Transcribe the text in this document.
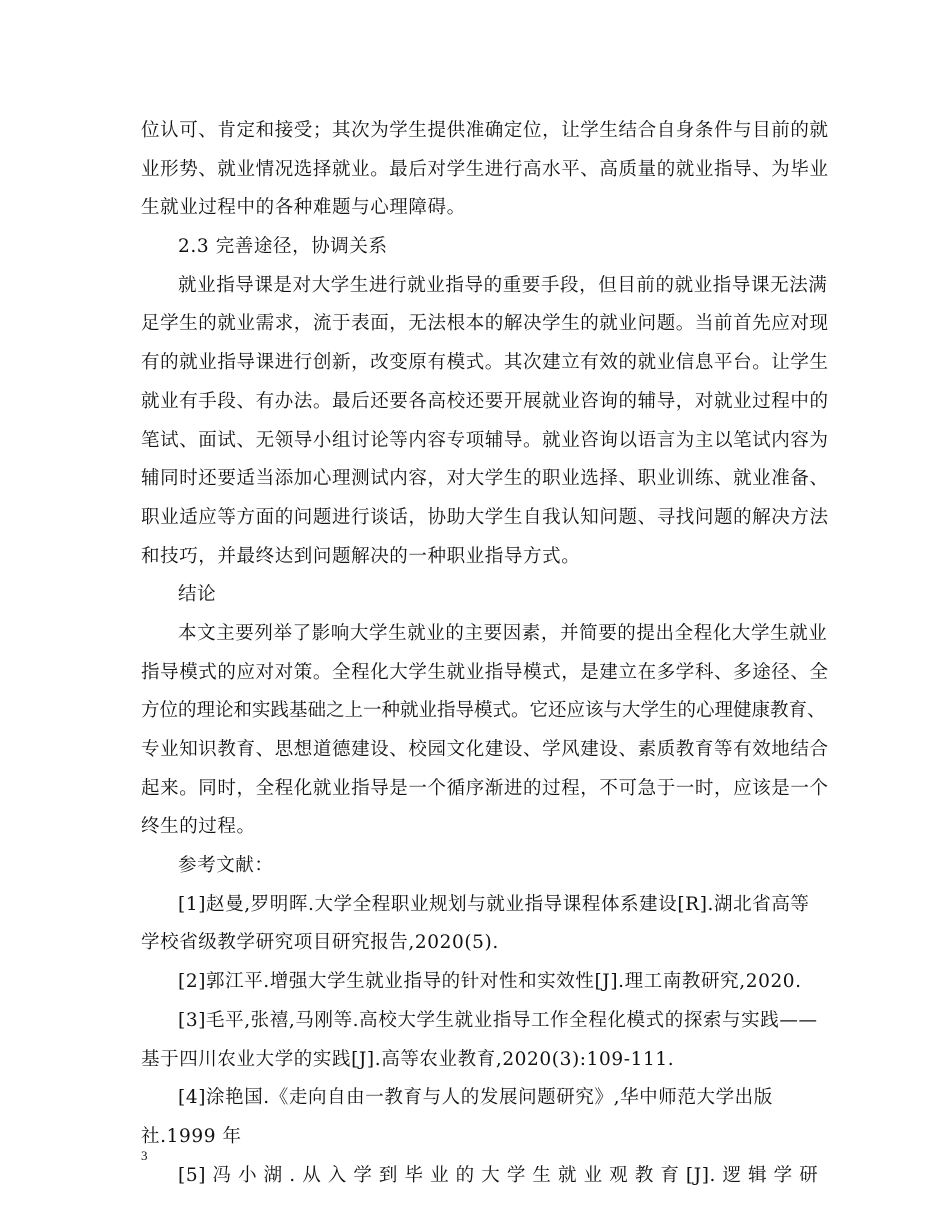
位认可、肯定和接受；其次为学生提供准确定位，让学生结合自身条件与目前的就
业形势、就业情况选择就业。最后对学生进行高水平、高质量的就业指导、为毕业
生就业过程中的各种难题与心理障碍。
2.3 完善途径，协调关系
就业指导课是对大学生进行就业指导的重要手段，但目前的就业指导课无法满
足学生的就业需求，流于表面，无法根本的解决学生的就业问题。当前首先应对现
有的就业指导课进行创新，改变原有模式。其次建立有效的就业信息平台。让学生
就业有手段、有办法。最后还要各高校还要开展就业咨询的辅导，对就业过程中的
笔试、面试、无领导小组讨论等内容专项辅导。就业咨询以语言为主以笔试内容为
辅同时还要适当添加心理测试内容，对大学生的职业选择、职业训练、就业准备、
职业适应等方面的问题进行谈话，协助大学生自我认知问题、寻找问题的解决方法
和技巧，并最终达到问题解决的一种职业指导方式。
结论
本文主要列举了影响大学生就业的主要因素，并简要的提出全程化大学生就业
指导模式的应对对策。全程化大学生就业指导模式，是建立在多学科、多途径、全
方位的理论和实践基础之上一种就业指导模式。它还应该与大学生的心理健康教育、
专业知识教育、思想道德建设、校园文化建设、学风建设、素质教育等有效地结合
起来。同时，全程化就业指导是一个循序渐进的过程，不可急于一时，应该是一个
终生的过程。
参考文献：
[1]赵曼,罗明晖.大学全程职业规划与就业指导课程体系建设[R].湖北省高等
学校省级教学研究项目研究报告,2020(5).
[2]郭江平.增强大学生就业指导的针对性和实效性[J].理工南教研究,2020.
[3]毛平,张禧,马刚等.高校大学生就业指导工作全程化模式的探索与实践——
基于四川农业大学的实践[J].高等农业教育,2020(3):109-111.
[4]涂艳国.《走向自由一教育与人的发展问题研究》,华中师范大学出版
社.1999 年
[5] 冯 小 湖 . 从 入 学 到 毕 业 的 大 学 生 就 业 观 教 育 [J]. 逻 辑 学 研
3
